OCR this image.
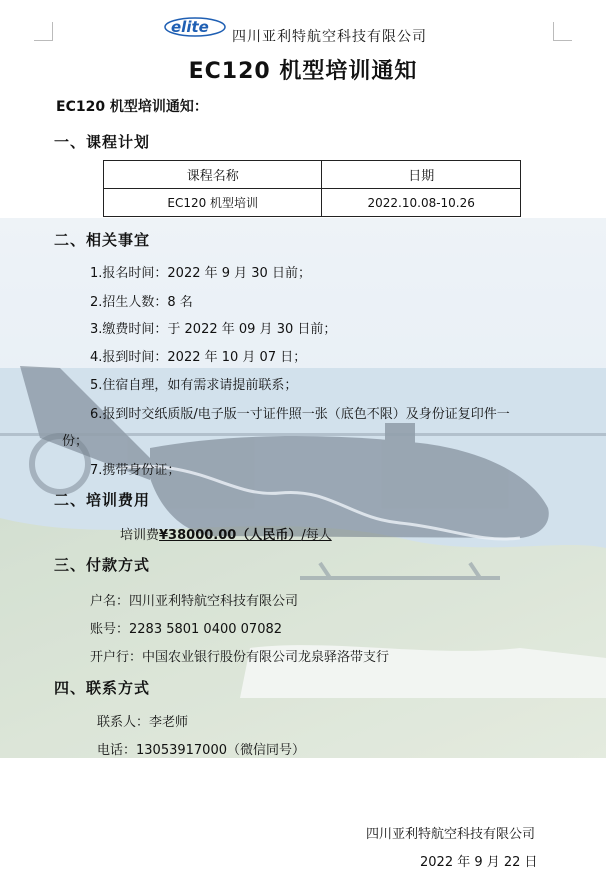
elite
四川亚利特航空科技有限公司
EC120 机型培训通知
EC120 机型培训通知：
一、课程计划
课程名称	日期
EC120 机型培训	2022.10.08-10.26
二、相关事宜
1.报名时间：2022 年 9 月 30 日前；
2.招生人数：8 名
3.缴费时间：于 2022 年 09 月 30 日前；
4.报到时间：2022 年 10 月 07 日；
5.住宿自理，如有需求请提前联系；
6.报到时交纸质版/电子版一寸证件照一张（底色不限）及身份证复印件一
份；
7.携带身份证；
二、培训费用
培训费¥38000.00（人民币）/每人
三、付款方式
户名：四川亚利特航空科技有限公司
账号：2283 5801 0400 07082
开户行：中国农业银行股份有限公司龙泉驿洛带支行
四、联系方式
联系人：李老师
电话：13053917000（微信同号）
四川亚利特航空科技有限公司
2022 年 9 月 22 日
